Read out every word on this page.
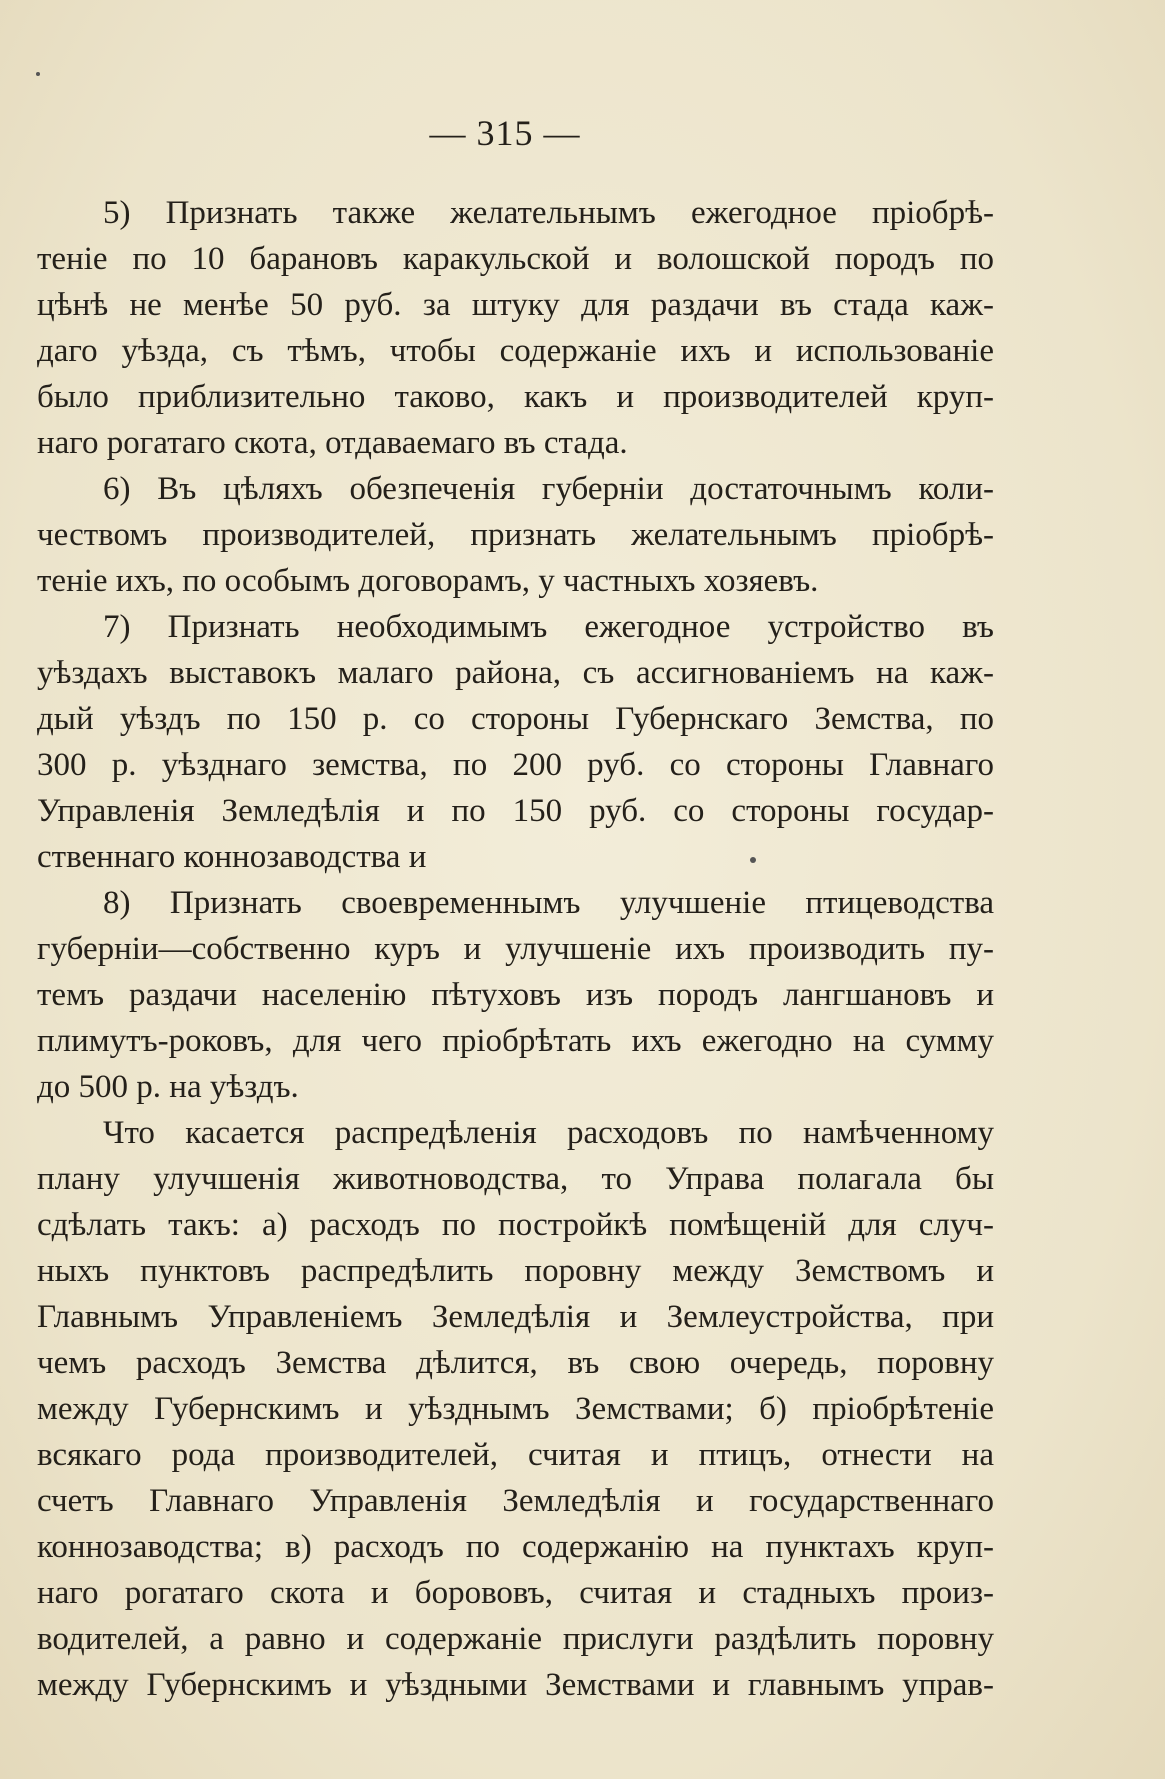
— 315 —
5) Признать также желательнымъ ежегодное пріобрѣ-
теніе по 10 барановъ каракульской и волошской породъ по
цѣнѣ не менѣе 50 руб. за штуку для раздачи въ стада каж-
даго уѣзда, съ тѣмъ, чтобы содержаніе ихъ и использованіе
было приблизительно таково, какъ и производителей круп-
наго рогатаго скота, отдаваемаго въ стада.
6) Въ цѣляхъ обезпеченія губерніи достаточнымъ коли-
чествомъ производителей, признать желательнымъ пріобрѣ-
теніе ихъ, по особымъ договорамъ, у частныхъ хозяевъ.
7) Признать необходимымъ ежегодное устройство въ
уѣздахъ выставокъ малаго района, съ ассигнованіемъ на каж-
дый уѣздъ по 150 р. со стороны Губернскаго Земства, по
300 р. уѣзднаго земства, по 200 руб. со стороны Главнаго
Управленія Земледѣлія и по 150 руб. со стороны государ-
ственнаго коннозаводства и
8) Признать своевременнымъ улучшеніе птицеводства
губерніи—собственно куръ и улучшеніе ихъ производить пу-
темъ раздачи населенію пѣтуховъ изъ породъ лангшановъ и
плимутъ-роковъ, для чего пріобрѣтать ихъ ежегодно на сумму
до 500 р. на уѣздъ.
Что касается распредѣленія расходовъ по намѣченному
плану улучшенія животноводства, то Управа полагала бы
сдѣлать такъ: а) расходъ по постройкѣ помѣщеній для случ-
ныхъ пунктовъ распредѣлить поровну между Земствомъ и
Главнымъ Управленіемъ Земледѣлія и Землеустройства, при
чемъ расходъ Земства дѣлится, въ свою очередь, поровну
между Губернскимъ и уѣзднымъ Земствами; б) пріобрѣтеніе
всякаго рода производителей, считая и птицъ, отнести на
счетъ Главнаго Управленія Земледѣлія и государственнаго
коннозаводства; в) расходъ по содержанію на пунктахъ круп-
наго рогатаго скота и борововъ, считая и стадныхъ произ-
водителей, а равно и содержаніе прислуги раздѣлить поровну
между Губернскимъ и уѣздными Земствами и главнымъ управ-
